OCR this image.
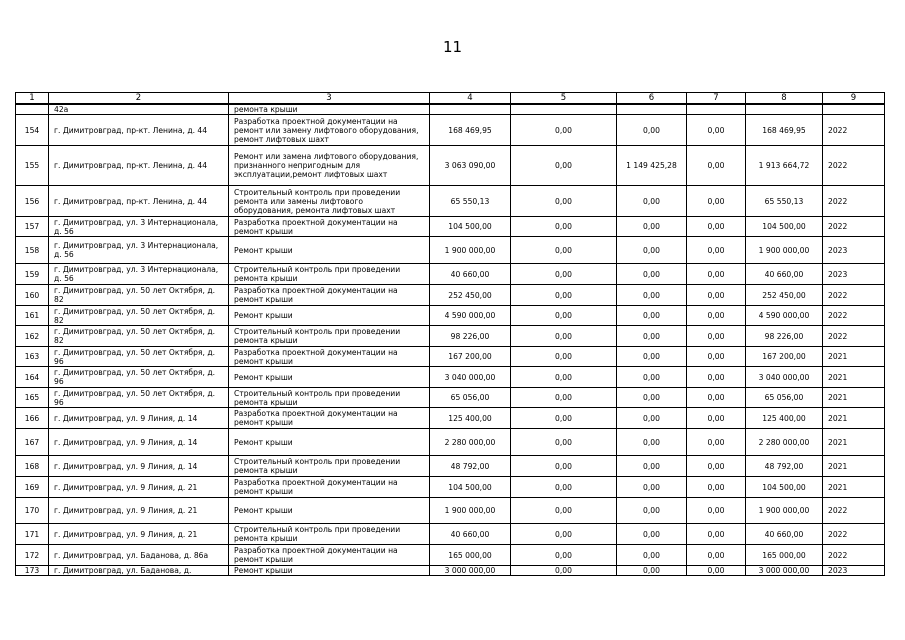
11
1	2	3	4	5	6	7	8	9
	42а	ремонта крыши						
154	г. Димитровград, пр-кт. Ленина, д. 44	Разработка проектной документации на ремонт или замену лифтового оборудования, ремонт лифтовых шахт	168 469,95	0,00	0,00	0,00	168 469,95	2022
155	г. Димитровград, пр-кт. Ленина, д. 44	Ремонт или замена лифтового оборудования, признанного непригодным для эксплуатации,ремонт лифтовых шахт	3 063 090,00	0,00	1 149 425,28	0,00	1 913 664,72	2022
156	г. Димитровград, пр-кт. Ленина, д. 44	Строительный контроль при проведении ремонта или замены лифтового оборудования, ремонта лифтовых шахт	65 550,13	0,00	0,00	0,00	65 550,13	2022
157	г. Димитровград, ул. 3 Интернационала, д. 56	Разработка проектной документации на ремонт крыши	104 500,00	0,00	0,00	0,00	104 500,00	2022
158	г. Димитровград, ул. 3 Интернационала, д. 56	Ремонт крыши	1 900 000,00	0,00	0,00	0,00	1 900 000,00	2023
159	г. Димитровград, ул. 3 Интернационала, д. 56	Строительный контроль при проведении ремонта крыши	40 660,00	0,00	0,00	0,00	40 660,00	2023
160	г. Димитровград, ул. 50 лет Октября, д. 82	Разработка проектной документации на ремонт крыши	252 450,00	0,00	0,00	0,00	252 450,00	2022
161	г. Димитровград, ул. 50 лет Октября, д. 82	Ремонт крыши	4 590 000,00	0,00	0,00	0,00	4 590 000,00	2022
162	г. Димитровград, ул. 50 лет Октября, д. 82	Строительный контроль при проведении ремонта крыши	98 226,00	0,00	0,00	0,00	98 226,00	2022
163	г. Димитровград, ул. 50 лет Октября, д. 96	Разработка проектной документации на ремонт крыши	167 200,00	0,00	0,00	0,00	167 200,00	2021
164	г. Димитровград, ул. 50 лет Октября, д. 96	Ремонт крыши	3 040 000,00	0,00	0,00	0,00	3 040 000,00	2021
165	г. Димитровград, ул. 50 лет Октября, д. 96	Строительный контроль при проведении ремонта крыши	65 056,00	0,00	0,00	0,00	65 056,00	2021
166	г. Димитровград, ул. 9 Линия, д. 14	Разработка проектной документации на ремонт крыши	125 400,00	0,00	0,00	0,00	125 400,00	2021
167	г. Димитровград, ул. 9 Линия, д. 14	Ремонт крыши	2 280 000,00	0,00	0,00	0,00	2 280 000,00	2021
168	г. Димитровград, ул. 9 Линия, д. 14	Строительный контроль при проведении ремонта крыши	48 792,00	0,00	0,00	0,00	48 792,00	2021
169	г. Димитровград, ул. 9 Линия, д. 21	Разработка проектной документации на ремонт крыши	104 500,00	0,00	0,00	0,00	104 500,00	2021
170	г. Димитровград, ул. 9 Линия, д. 21	Ремонт крыши	1 900 000,00	0,00	0,00	0,00	1 900 000,00	2022
171	г. Димитровград, ул. 9 Линия, д. 21	Строительный контроль при проведении ремонта крыши	40 660,00	0,00	0,00	0,00	40 660,00	2022
172	г. Димитровград, ул. Баданова, д. 86а	Разработка проектной документации на ремонт крыши	165 000,00	0,00	0,00	0,00	165 000,00	2022
173	г. Димитровград, ул. Баданова, д.	Ремонт крыши	3 000 000,00	0,00	0,00	0,00	3 000 000,00	2023
